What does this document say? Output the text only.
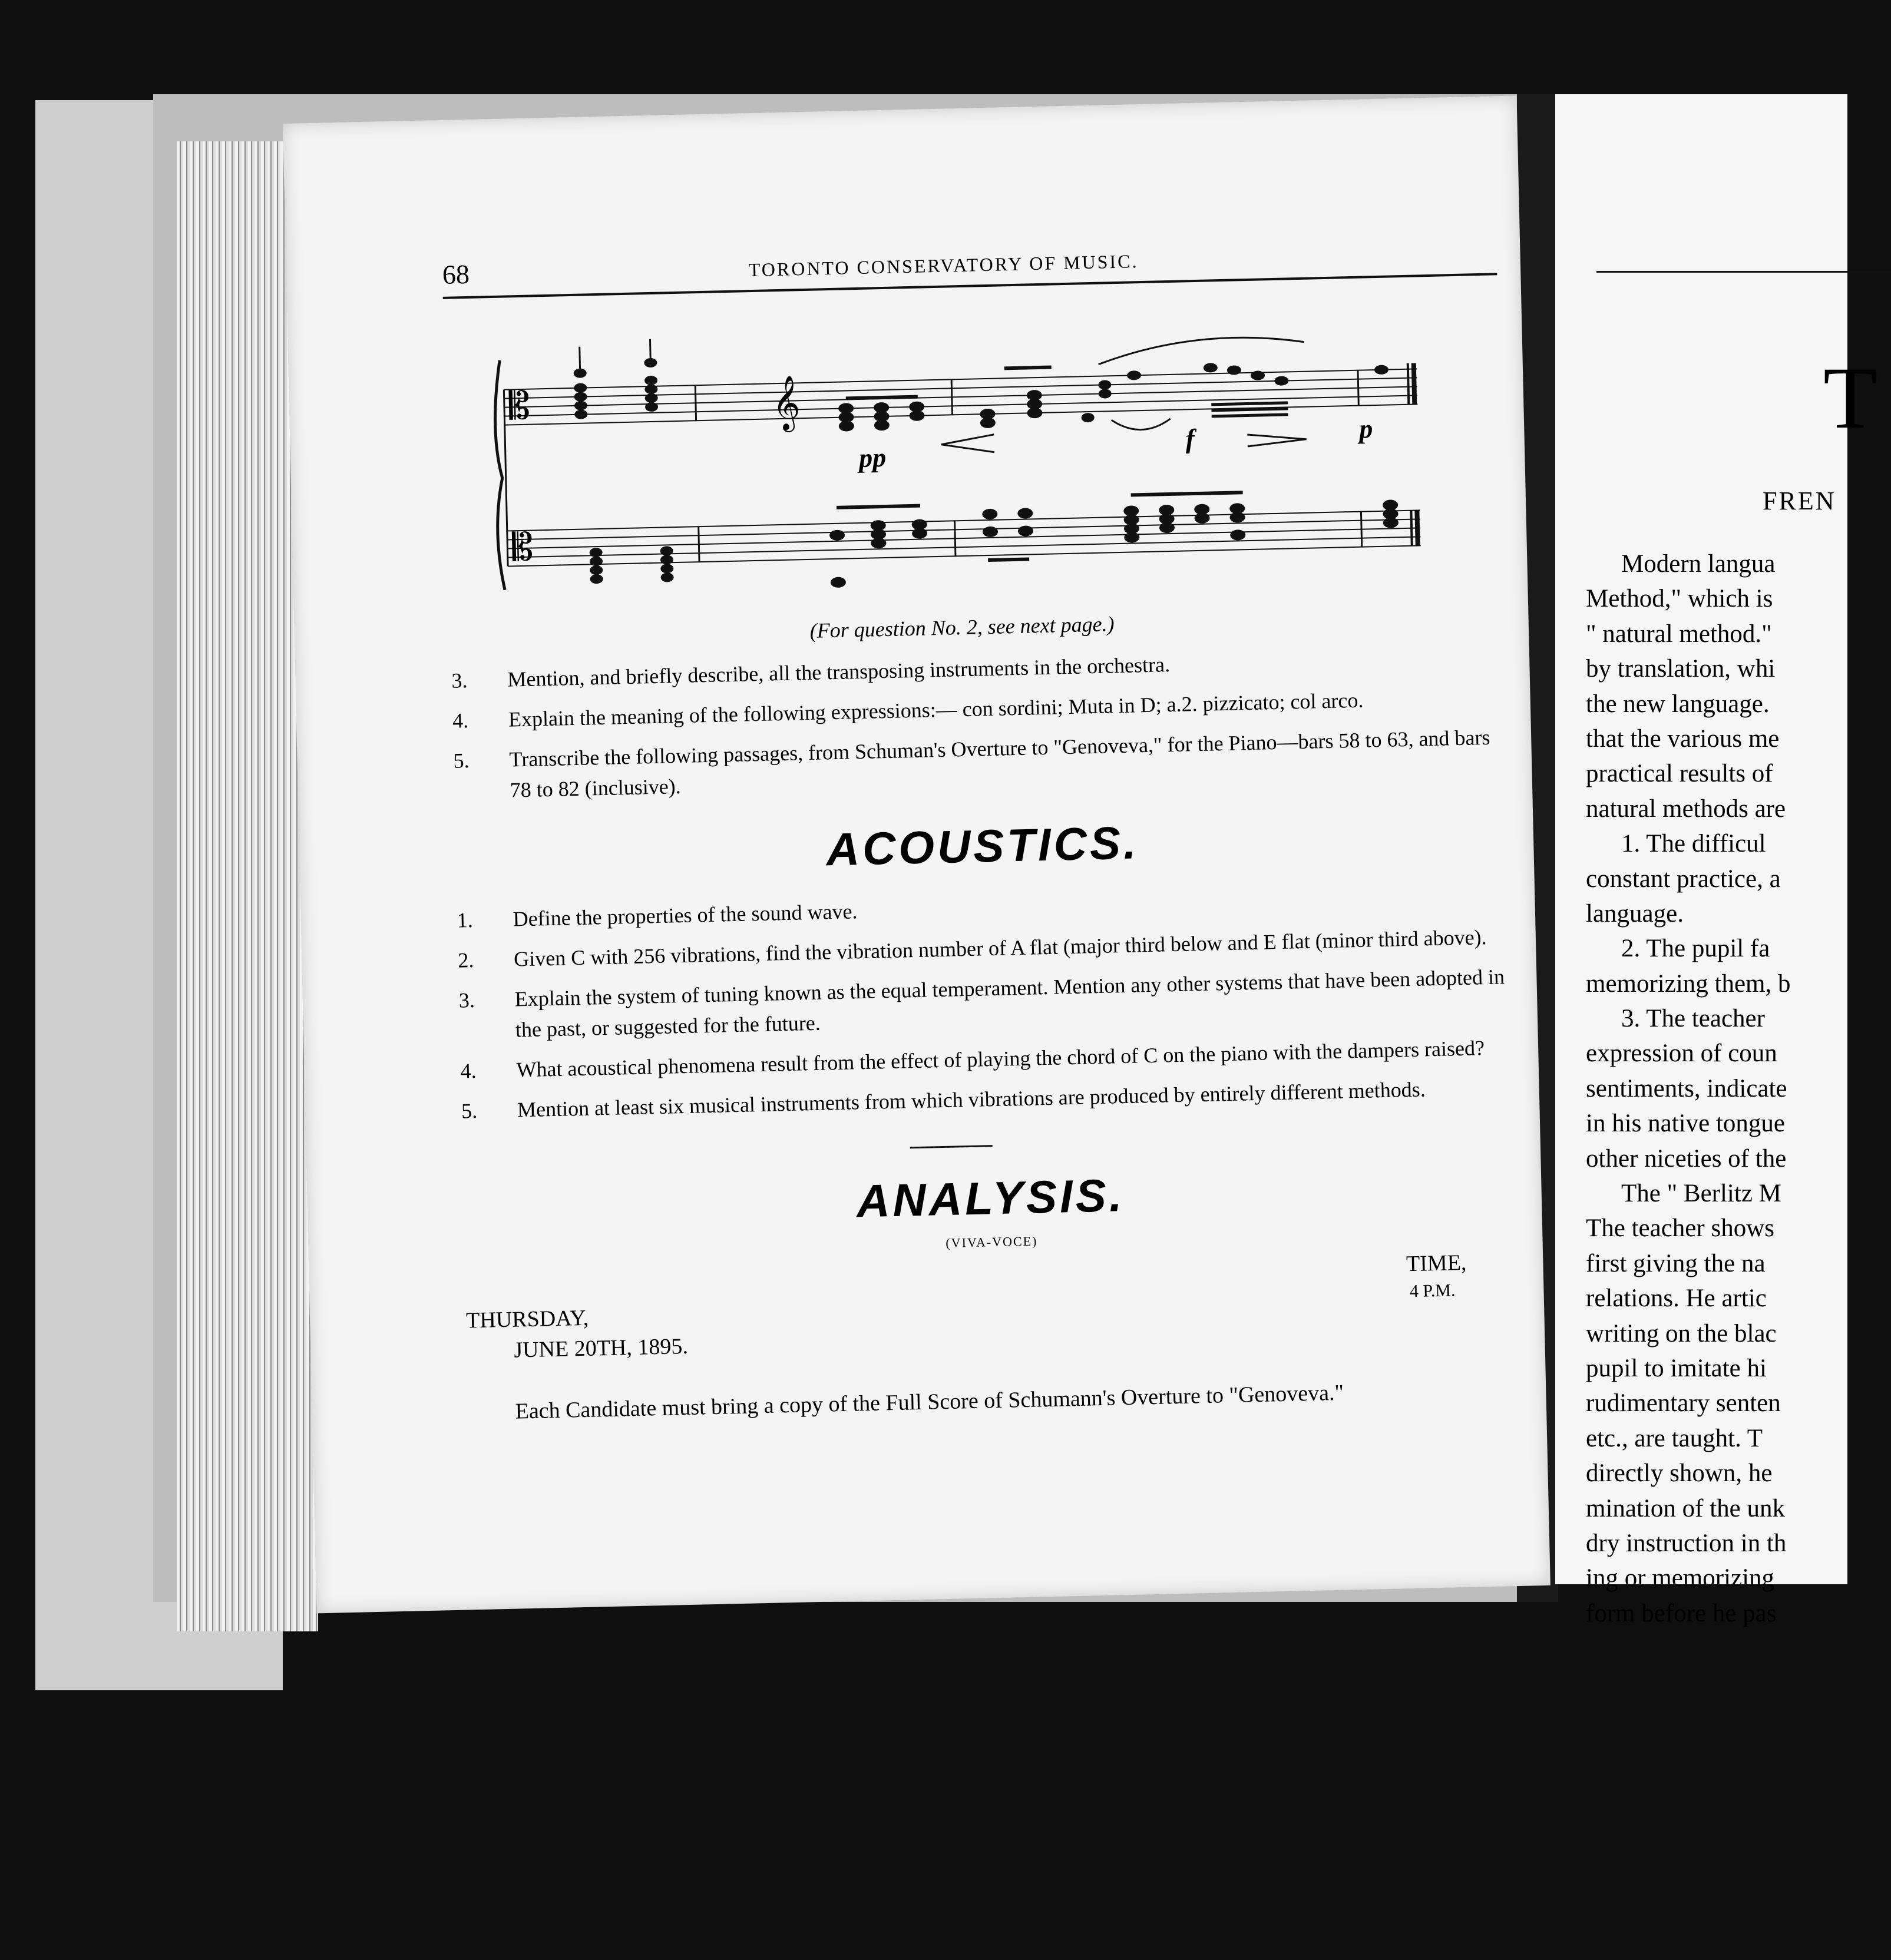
68	TORONTO CONSERVATORY OF MUSIC.
𝄡
𝄡
𝄞
pp
f	p
(For question No. 2, see next page.)
3. Mention, and briefly describe, all the transposing instruments in the orchestra.
4. Explain the meaning of the following expressions:— con sordini; Muta in D; a.2. pizzicato; col arco.
5. Transcribe the following passages, from Schuman's Overture to "Genoveva," for the Piano—bars 58 to 63, and bars 78 to 82 (inclusive).
ACOUSTICS.
1. Define the properties of the sound wave.
2. Given C with 256 vibrations, find the vibration number of A flat (major third below and E flat (minor third above).
3. Explain the system of tuning known as the equal temperament. Mention any other systems that have been adopted in the past, or suggested for the future.
4. What acoustical phenomena result from the effect of playing the chord of C on the piano with the dampers raised?
5. Mention at least six musical instruments from which vibrations are produced by entirely different methods.
ANALYSIS.
(VIVA-VOCE)
THURSDAY,
JUNE 20TH, 1895.
TIME,
4 P.M.
Each Candidate must bring a copy of the Full Score of Schumann's Overture to "Genoveva."
T
FREN
Modern langua
Method," which is
" natural method."
by translation, whi
the new language.
that the various me
practical results of
natural methods are
1. The difficul
constant practice, a
language.
2. The pupil fa
memorizing them, b
3. The teacher
expression of coun
sentiments, indicate
in his native tongue
other niceties of the
The " Berlitz M
The teacher shows
first giving the na
relations. He artic
writing on the blac
pupil to imitate hi
rudimentary senten
etc., are taught. T
directly shown, he
mination of the unk
dry instruction in th
ing or memorizing
form before he pas
